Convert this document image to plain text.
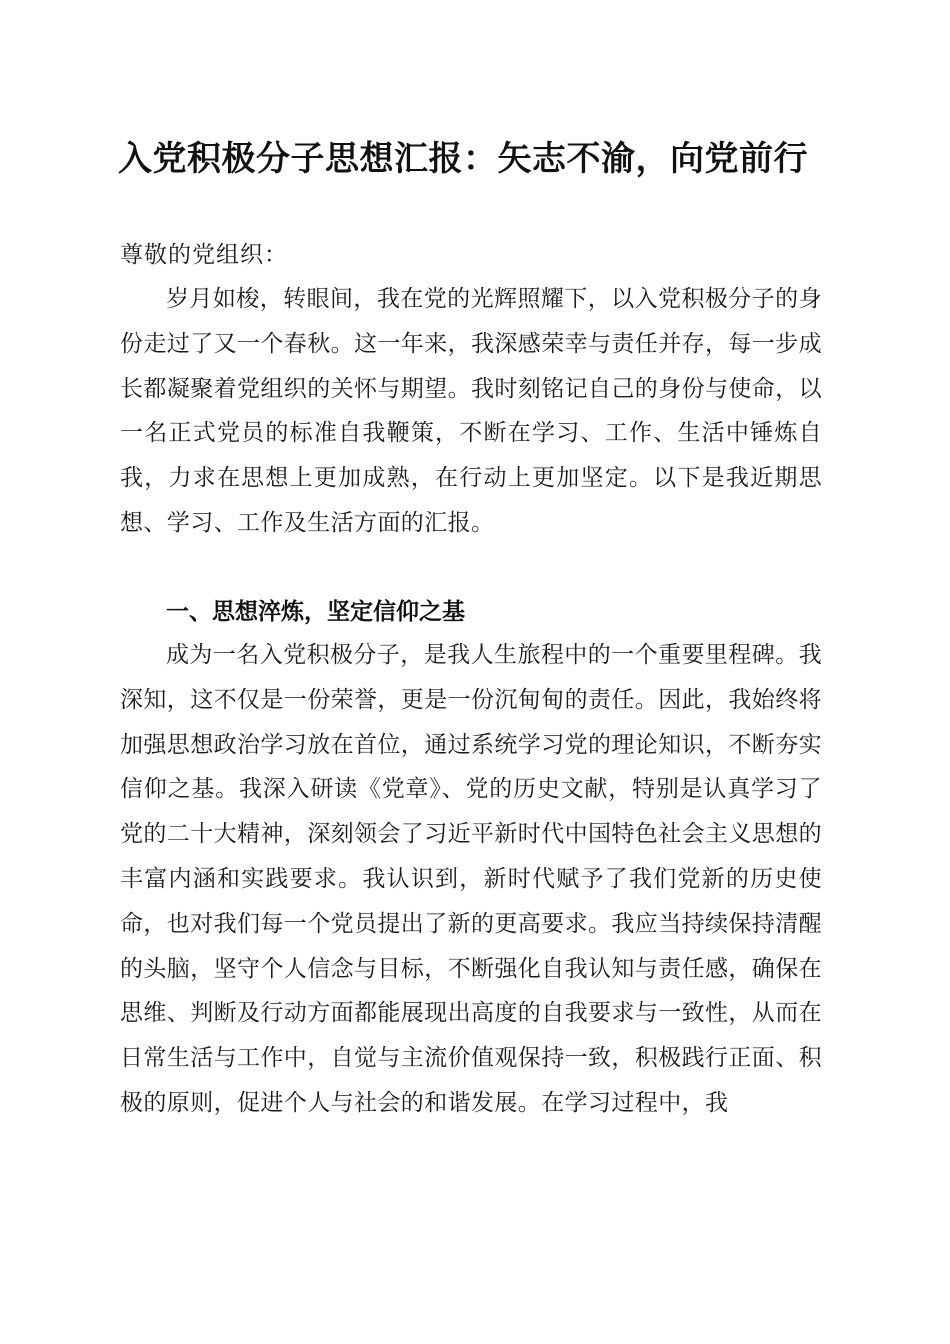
入党积极分子思想汇报：矢志不渝，向党前行

尊敬的党组织：

岁月如梭，转眼间，我在党的光辉照耀下，以入党积极分子的身份走过了又一个春秋。这一年来，我深感荣幸与责任并存，每一步成长都凝聚着党组织的关怀与期望。我时刻铭记自己的身份与使命，以一名正式党员的标准自我鞭策，不断在学习、工作、生活中锤炼自我，力求在思想上更加成熟，在行动上更加坚定。以下是我近期思想、学习、工作及生活方面的汇报。

一、思想淬炼，坚定信仰之基

成为一名入党积极分子，是我人生旅程中的一个重要里程碑。我深知，这不仅是一份荣誉，更是一份沉甸甸的责任。因此，我始终将加强思想政治学习放在首位，通过系统学习党的理论知识，不断夯实信仰之基。我深入研读《党章》、党的历史文献，特别是认真学习了党的二十大精神，深刻领会了习近平新时代中国特色社会主义思想的丰富内涵和实践要求。我认识到，新时代赋予了我们党新的历史使命，也对我们每一个党员提出了新的更高要求。我应当持续保持清醒的头脑，坚守个人信念与目标，不断强化自我认知与责任感，确保在思维、判断及行动方面都能展现出高度的自我要求与一致性，从而在日常生活与工作中，自觉与主流价值观保持一致，积极践行正面、积极的原则，促进个人与社会的和谐发展。在学习过程中，我
